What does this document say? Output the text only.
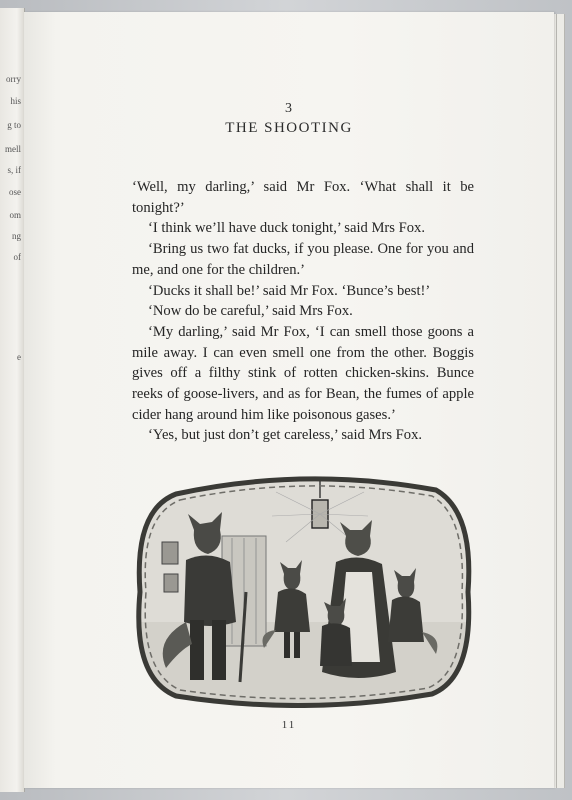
orry
his
g to
mell
s, if
ose
om
ng
of
e
3
THE SHOOTING

‘Well, my darling,’ said Mr Fox. ‘What shall it be tonight?’

‘I think we’ll have duck tonight,’ said Mrs Fox.

‘Bring us two fat ducks, if you please. One for you and me, and one for the children.’

‘Ducks it shall be!’ said Mr Fox. ‘Bunce’s best!’

‘Now do be careful,’ said Mrs Fox.

‘My darling,’ said Mr Fox, ‘I can smell those goons a mile away. I can even smell one from the other. Boggis gives off a filthy stink of rotten chicken-skins. Bunce reeks of goose-livers, and as for Bean, the fumes of apple cider hang around him like poisonous gases.’

‘Yes, but just don’t get careless,’ said Mrs Fox.

11
